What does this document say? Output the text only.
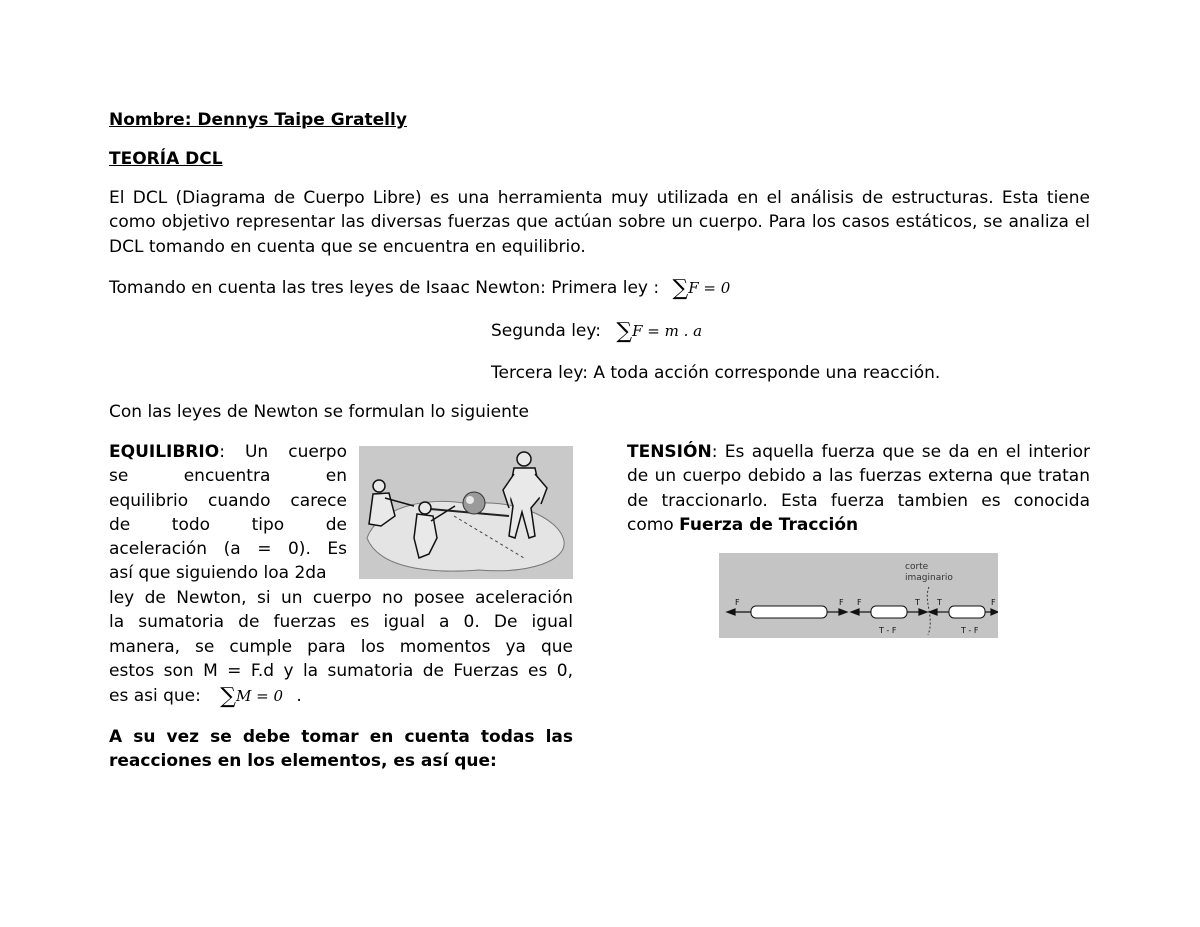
Nombre: Dennys Taipe Gratelly
TEORÍA DCL
El DCL (Diagrama de Cuerpo Libre) es una herramienta muy utilizada en el análisis de estructuras. Esta tiene como objetivo representar las diversas fuerzas que actúan sobre un cuerpo. Para los casos estáticos, se analiza el DCL tomando en cuenta que se encuentra en equilibrio.
Tomando en cuenta las tres leyes de Isaac Newton: Primera ley : ∑F = 0
Segunda ley: ∑F = m . a
Tercera ley: A toda acción corresponde una reacción.
Con las leyes de Newton se formulan lo siguiente
EQUILIBRIO: Un cuerpo
se encuentra en
equilibrio cuando carece
de todo tipo de
aceleración (a = 0). Es
así que siguiendo loa 2da
ley de Newton, si un cuerpo no posee aceleración
la sumatoria de fuerzas es igual a 0. De igual
manera, se cumple para los momentos ya que
estos son M = F.d y la sumatoria de Fuerzas es 0,
es asi que: ∑M = 0 .
A su vez se debe tomar en cuenta todas las
reacciones en los elementos, es así que:
TENSIÓN: Es aquella fuerza que se da en el interior de un cuerpo debido a las fuerzas externa que tratan de traccionarlo. Esta fuerza tambien es conocida como Fuerza de Tracción
corte
imaginario
F	F F	T T	F
T - F	T - F
